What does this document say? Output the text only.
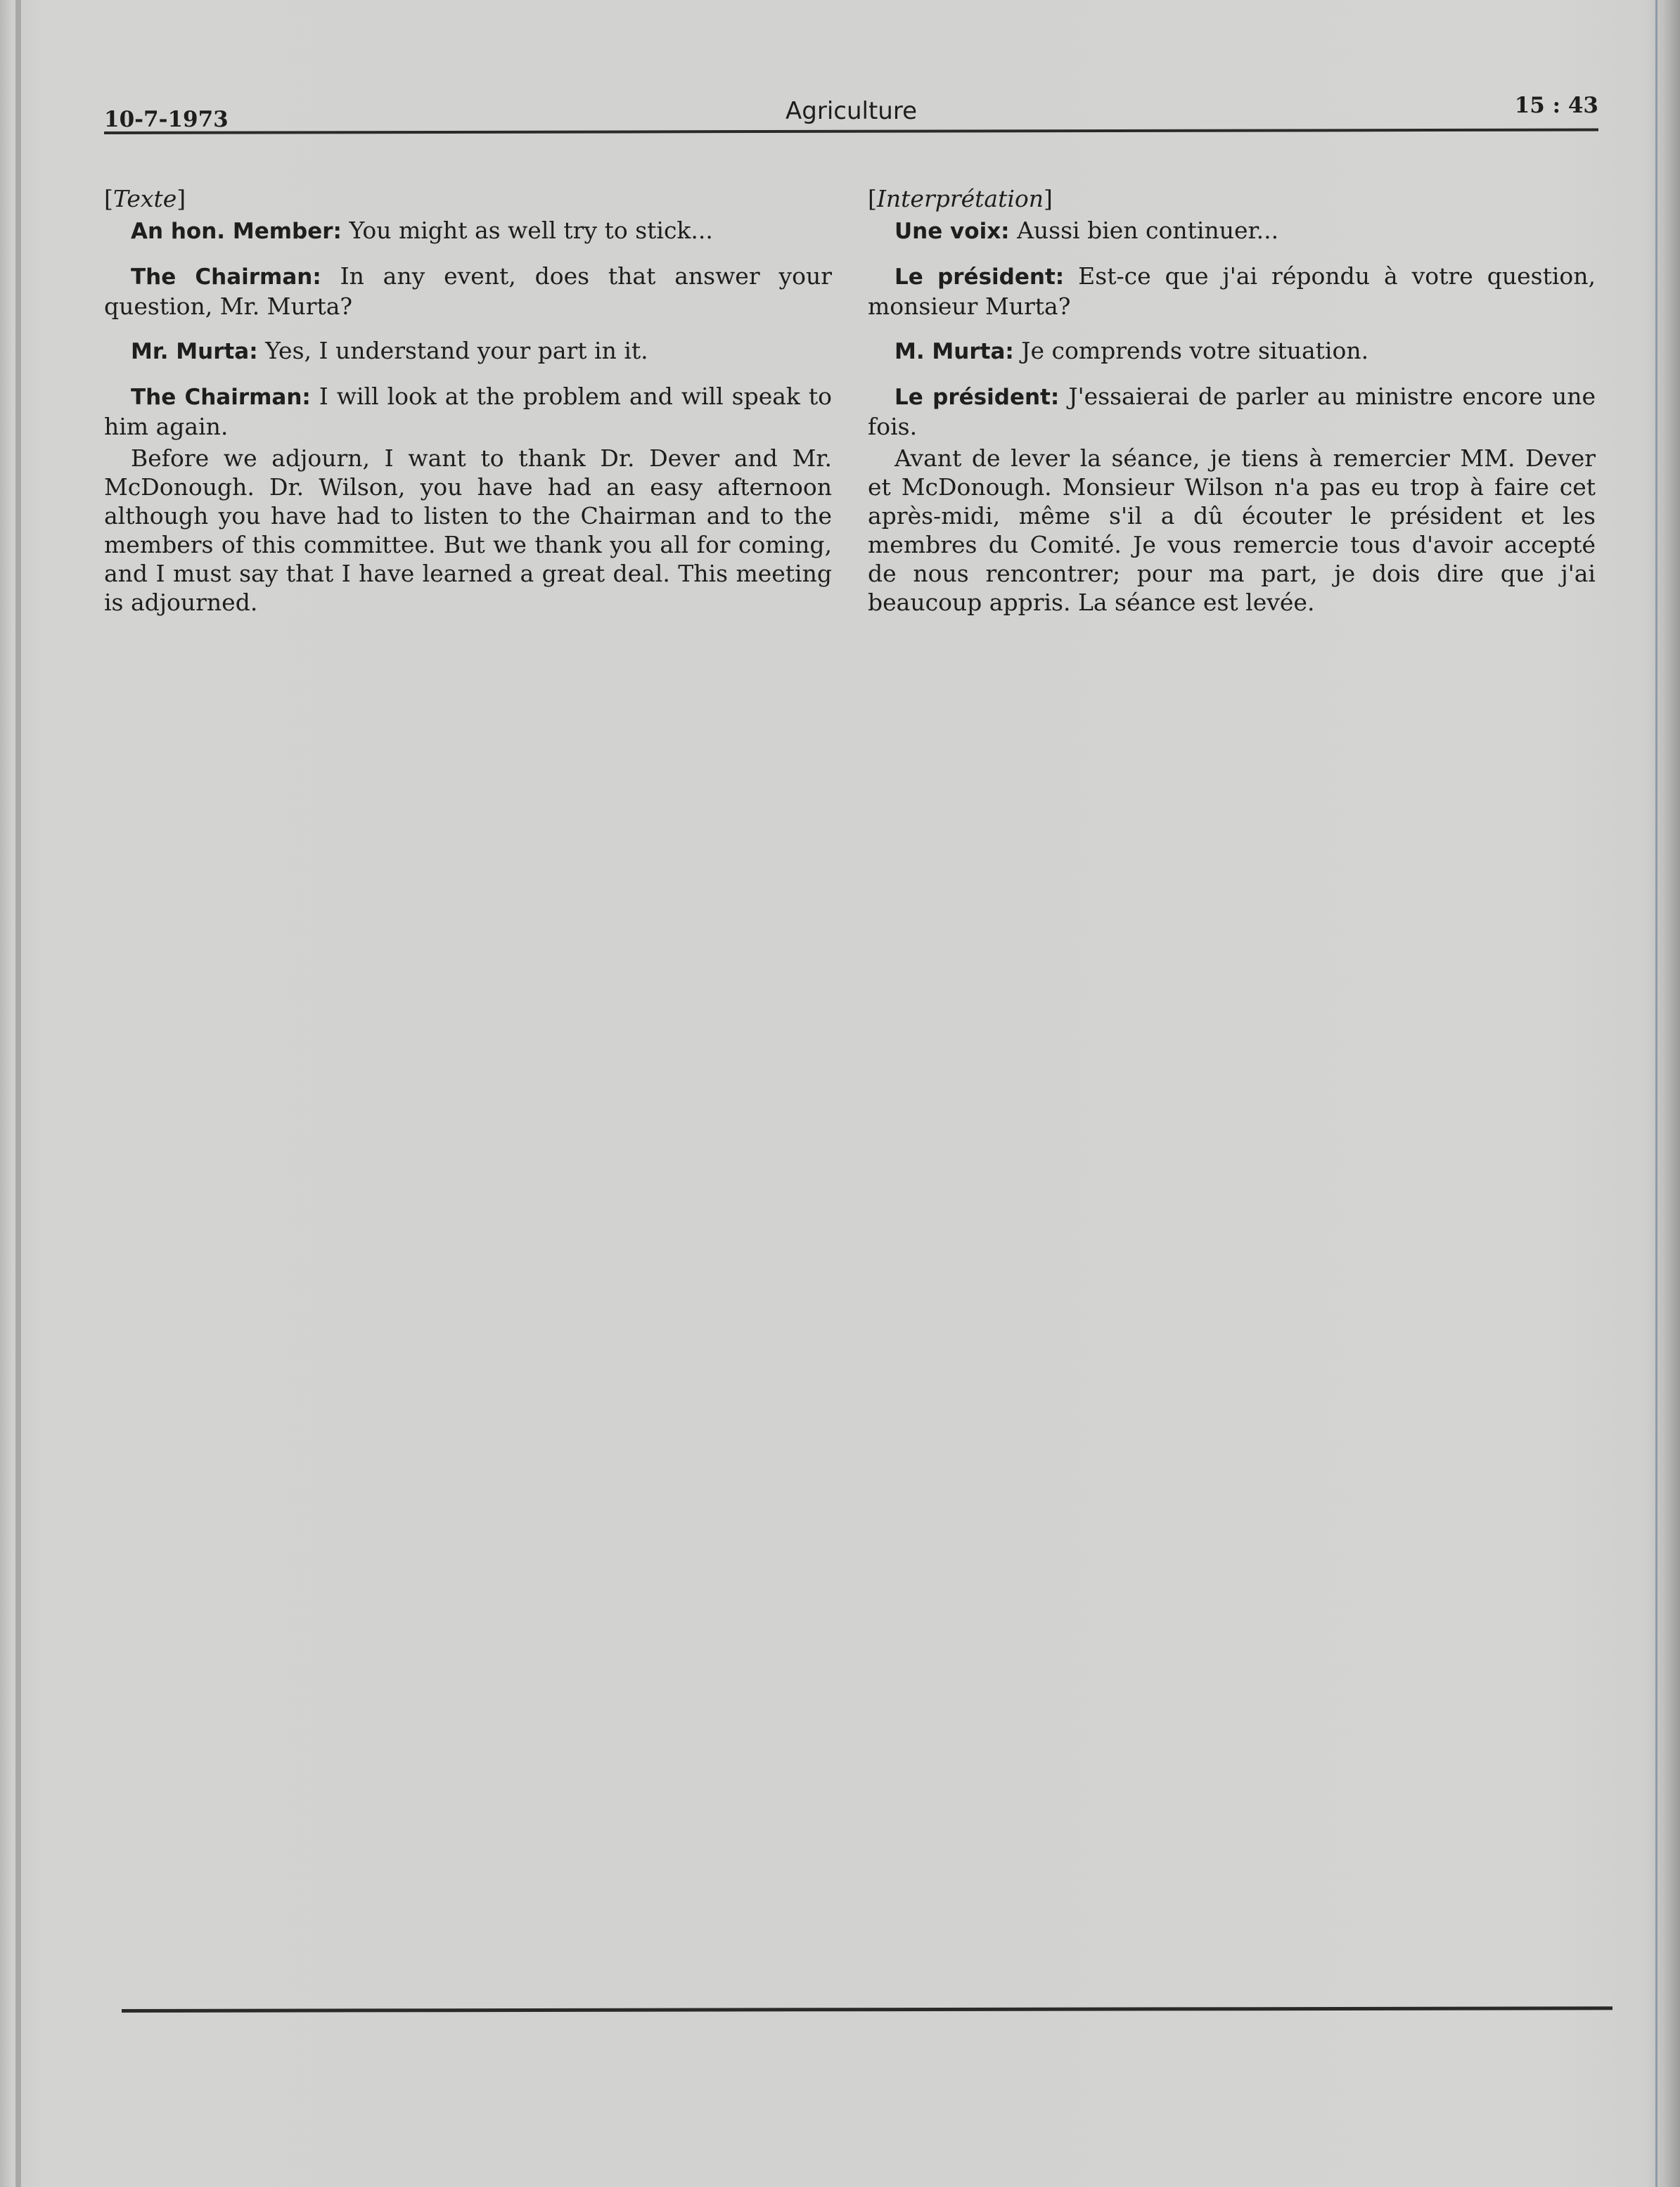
10-7-1973	Agriculture	15 : 43

[Texte]

An hon. Member: You might as well try to stick...

The Chairman: In any event, does that answer your question, Mr. Murta?

Mr. Murta: Yes, I understand your part in it.

The Chairman: I will look at the problem and will speak to him again.

Before we adjourn, I want to thank Dr. Dever and Mr. McDonough. Dr. Wilson, you have had an easy afternoon although you have had to listen to the Chairman and to the members of this committee. But we thank you all for coming, and I must say that I have learned a great deal. This meeting is adjourned.

[Interprétation]

Une voix: Aussi bien continuer...

Le président: Est-ce que j'ai répondu à votre question, monsieur Murta?

M. Murta: Je comprends votre situation.

Le président: J'essaierai de parler au ministre encore une fois.

Avant de lever la séance, je tiens à remercier MM. Dever et McDonough. Monsieur Wilson n'a pas eu trop à faire cet après-midi, même s'il a dû écouter le président et les membres du Comité. Je vous remercie tous d'avoir accepté de nous rencontrer; pour ma part, je dois dire que j'ai beaucoup appris. La séance est levée.
